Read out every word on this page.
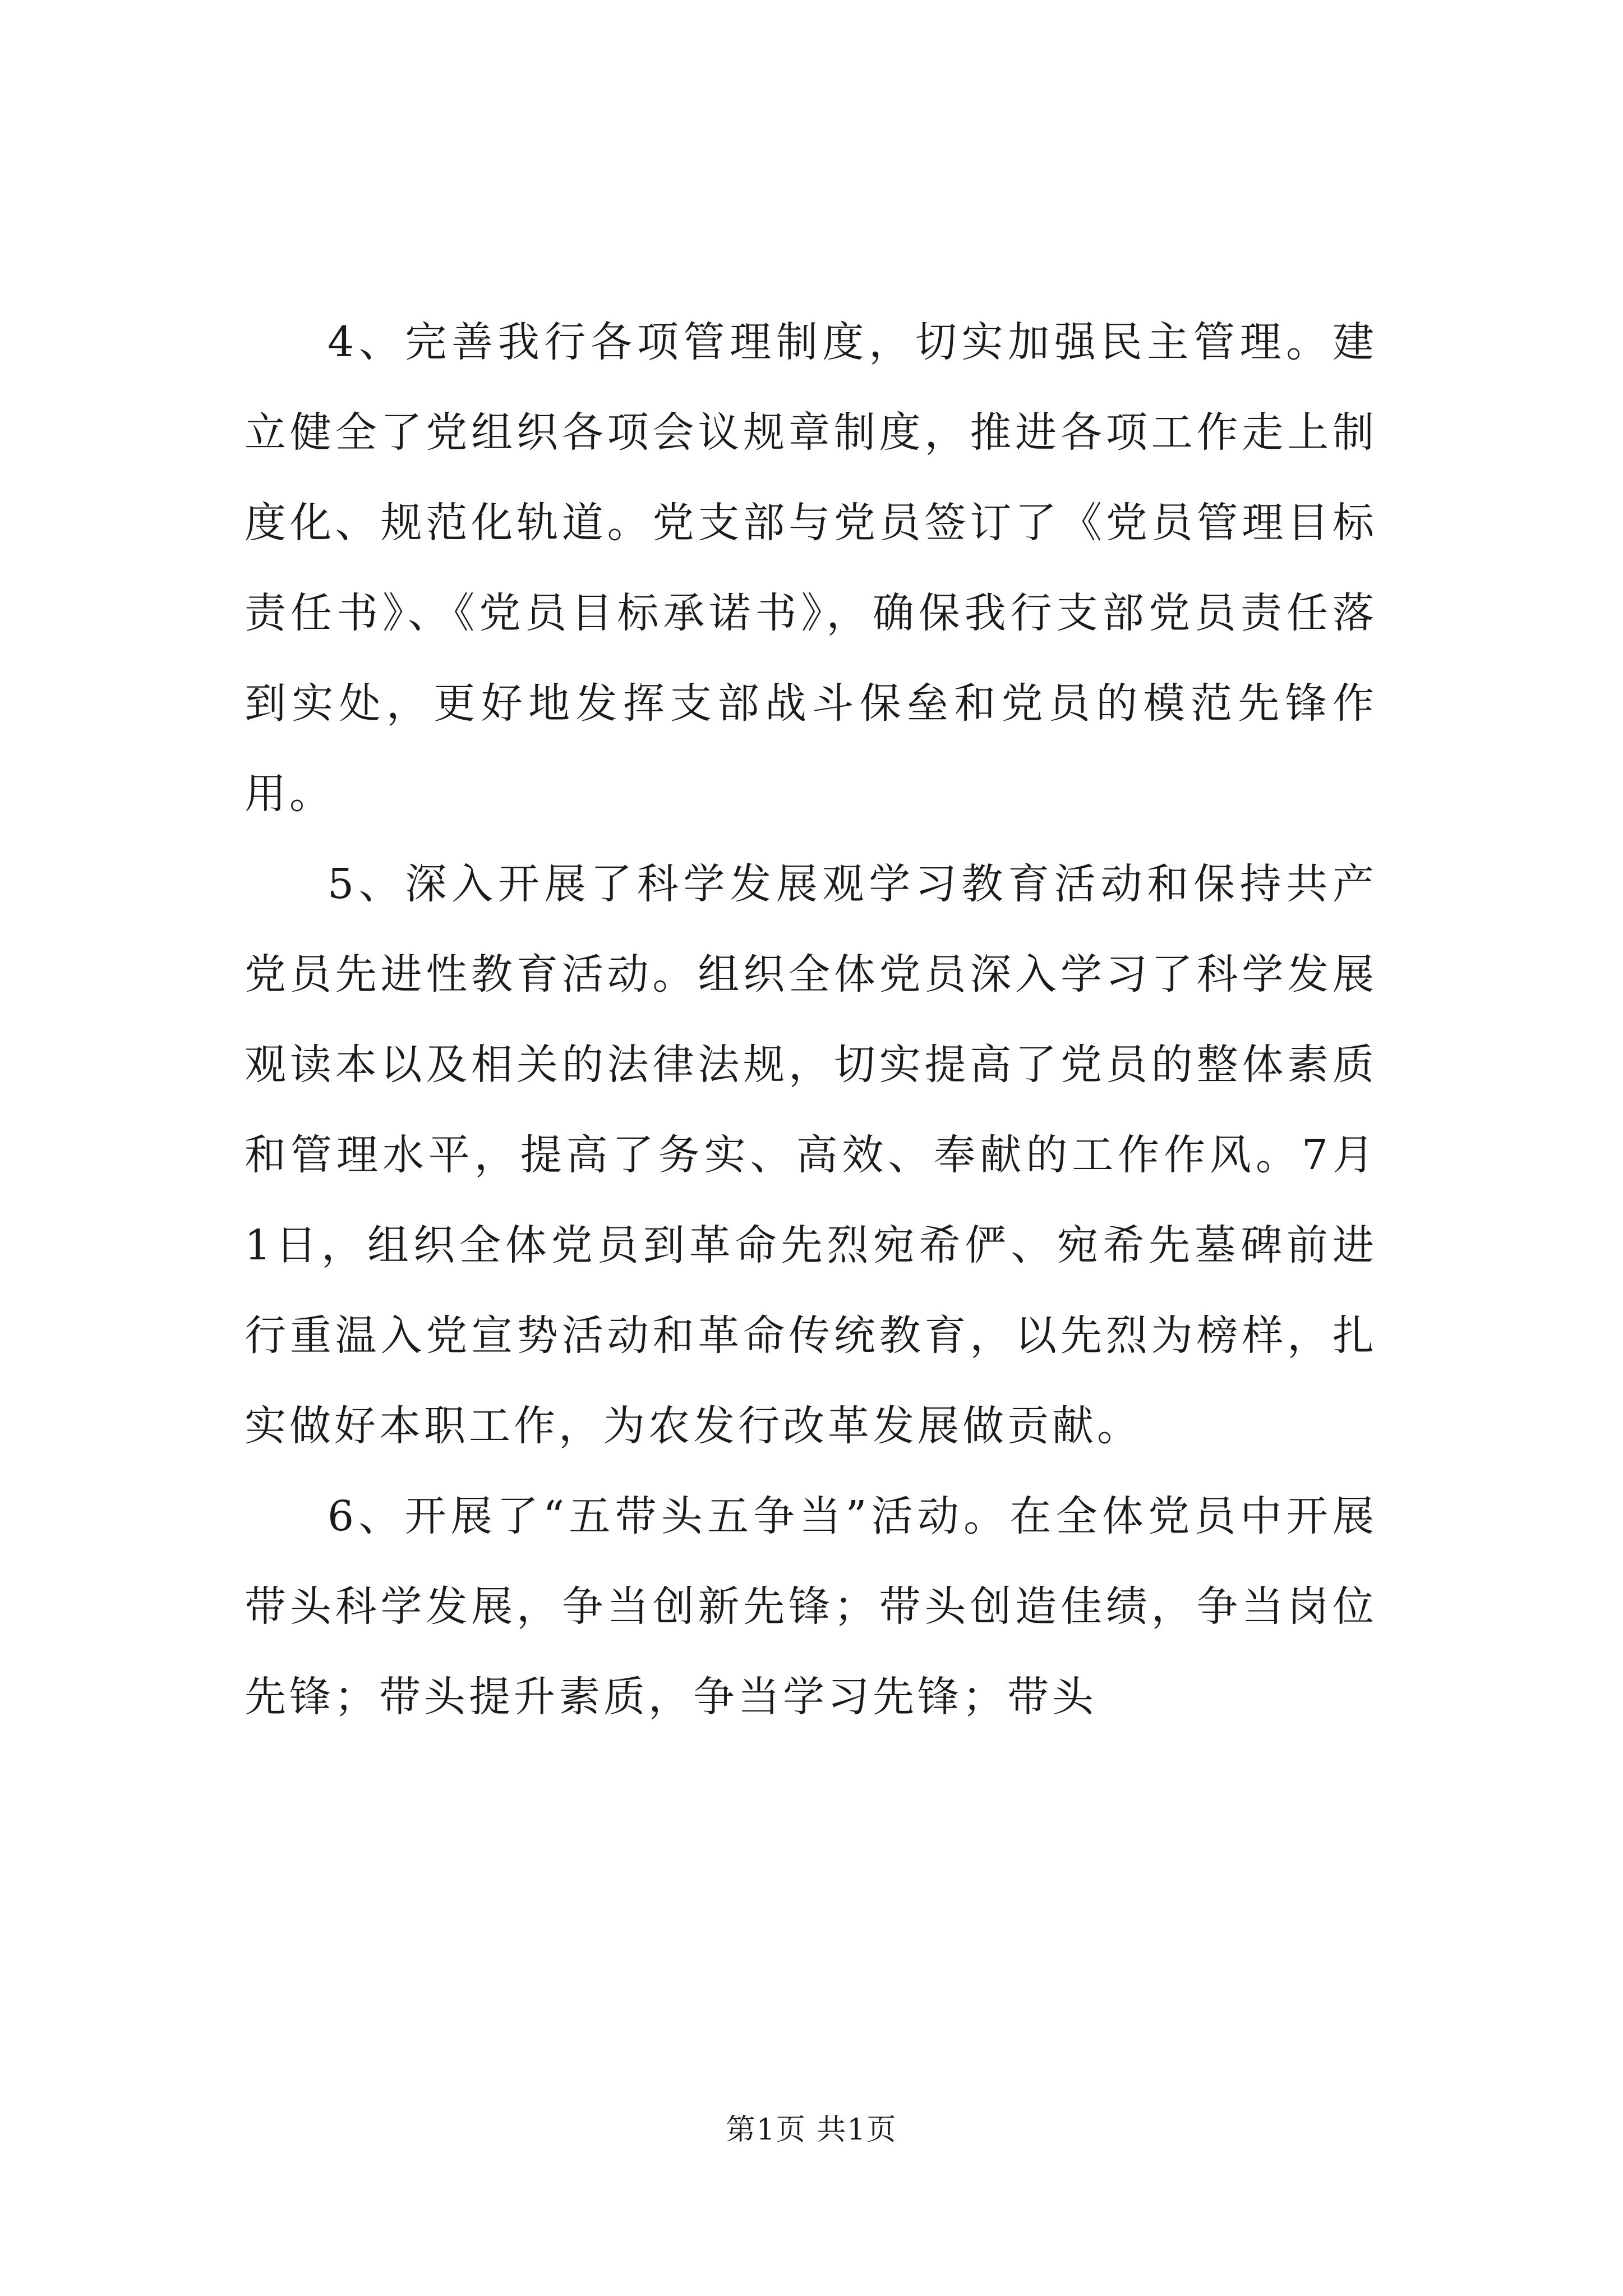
4、完善我行各项管理制度，切实加强民主管理。建立健全了党组织各项会议规章制度，推进各项工作走上制度化、规范化轨道。党支部与党员签订了《党员管理目标责任书》、《党员目标承诺书》，确保我行支部党员责任落到实处，更好地发挥支部战斗保垒和党员的模范先锋作用。

5、深入开展了科学发展观学习教育活动和保持共产党员先进性教育活动。组织全体党员深入学习了科学发展观读本以及相关的法律法规，切实提高了党员的整体素质和管理水平，提高了务实、高效、奉献的工作作风。7月1日，组织全体党员到革命先烈宛希俨、宛希先墓碑前进行重温入党宣势活动和革命传统教育，以先烈为榜样，扎实做好本职工作，为农发行改革发展做贡献。

6、开展了“五带头五争当”活动。在全体党员中开展带头科学发展，争当创新先锋；带头创造佳绩，争当岗位先锋；带头提升素质，争当学习先锋；带头

第1页 共1页
